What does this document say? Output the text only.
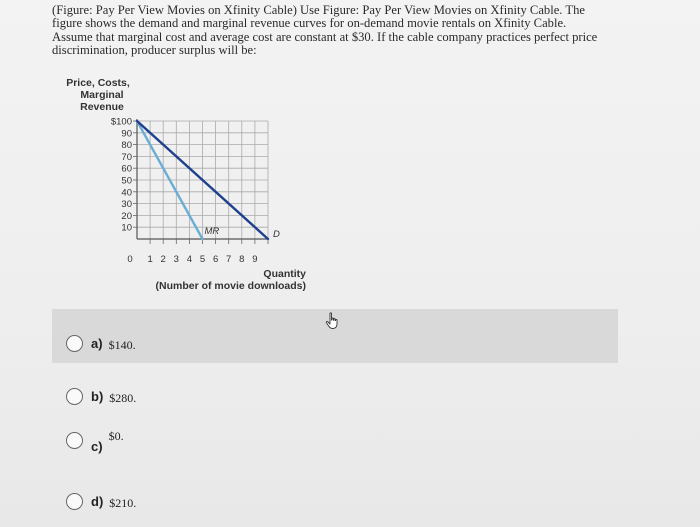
(Figure: Pay Per View Movies on Xfinity Cable) Use Figure: Pay Per View Movies on Xfinity Cable. The
figure shows the demand and marginal revenue curves for on-demand movie rentals on Xfinity Cable.
Assume that marginal cost and average cost are constant at $30. If the cable company practices perfect price
discrimination, producer surplus will be:
Price, Costs,
Marginal
Revenue
$100
90
80
70
60
50
40
30
20
10
0 1 2 3 4 5 6 7 8 9
Quantity
(Number of movie downloads)
MR	D
a) $140.
b) $280.
c)
$0.
d) $210.
